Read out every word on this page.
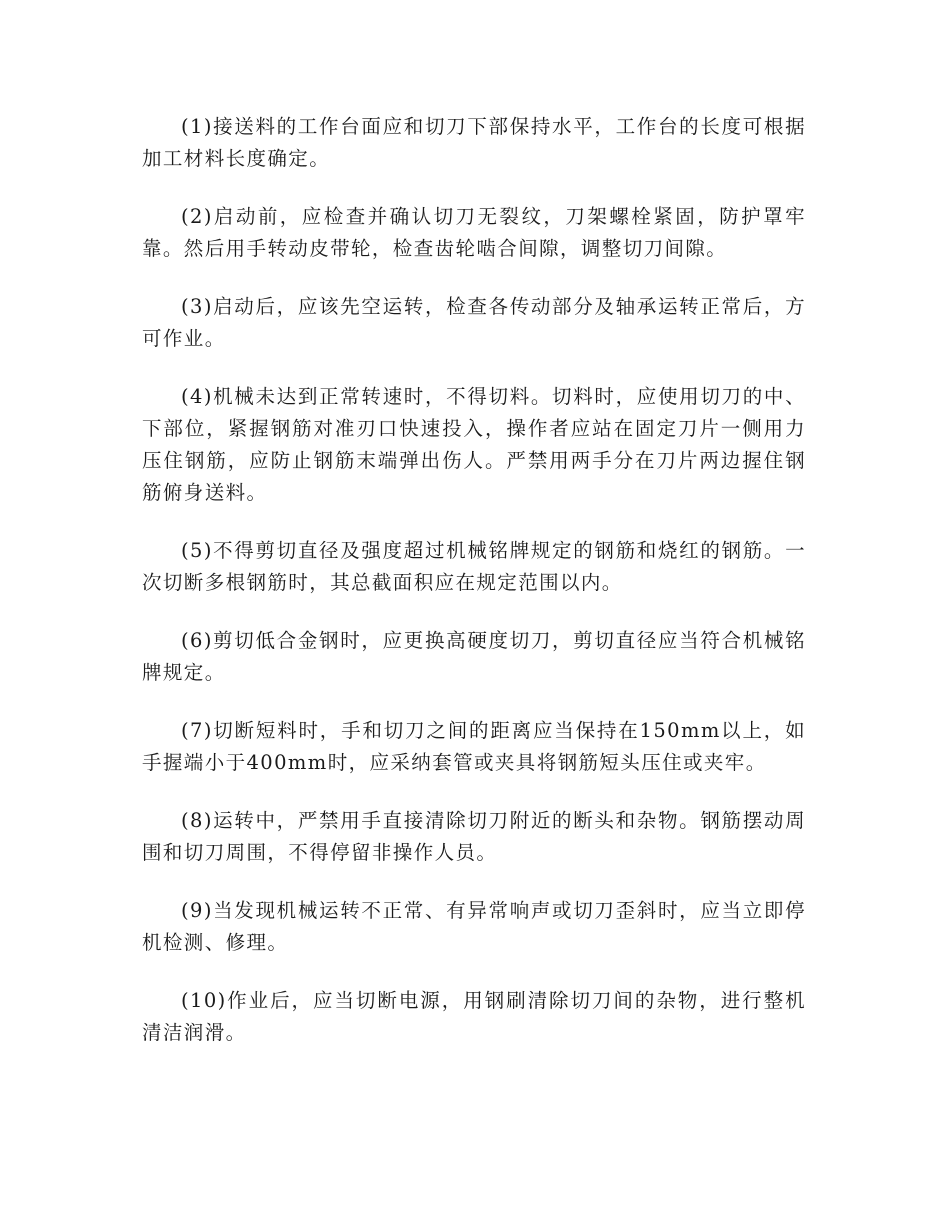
(1)接送料的工作台面应和切刀下部保持水平，工作台的长度可根据加工材料长度确定。

(2)启动前，应检查并确认切刀无裂纹，刀架螺栓紧固，防护罩牢靠。然后用手转动皮带轮，检查齿轮啮合间隙，调整切刀间隙。

(3)启动后，应该先空运转，检查各传动部分及轴承运转正常后，方可作业。

(4)机械未达到正常转速时，不得切料。切料时，应使用切刀的中、下部位，紧握钢筋对准刃口快速投入，操作者应站在固定刀片一侧用力压住钢筋，应防止钢筋末端弹出伤人。严禁用两手分在刀片两边握住钢筋俯身送料。

(5)不得剪切直径及强度超过机械铭牌规定的钢筋和烧红的钢筋。一次切断多根钢筋时，其总截面积应在规定范围以内。

(6)剪切低合金钢时，应更换高硬度切刀，剪切直径应当符合机械铭牌规定。

(7)切断短料时，手和切刀之间的距离应当保持在150mm以上，如手握端小于400mm时，应采纳套管或夹具将钢筋短头压住或夹牢。

(8)运转中，严禁用手直接清除切刀附近的断头和杂物。钢筋摆动周围和切刀周围，不得停留非操作人员。

(9)当发现机械运转不正常、有异常响声或切刀歪斜时，应当立即停机检测、修理。

(10)作业后，应当切断电源，用钢刷清除切刀间的杂物，进行整机清洁润滑。
